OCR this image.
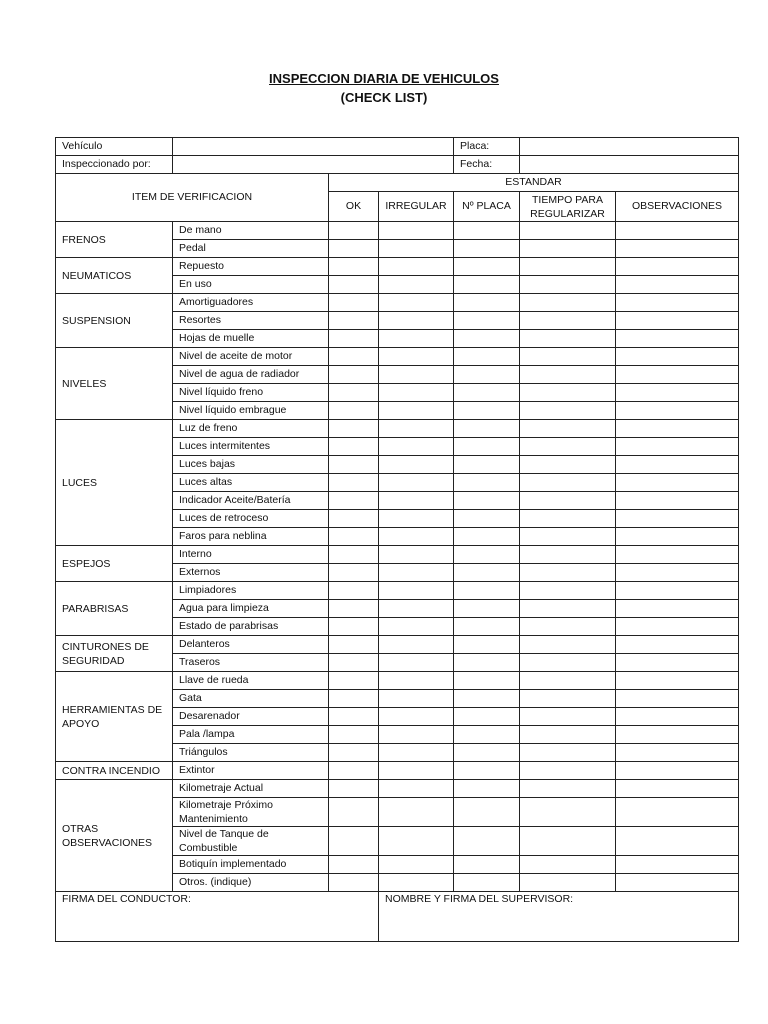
INSPECCION DIARIA DE VEHICULOS
(CHECK LIST)
Vehículo				Placa:		
Inspeccionado por:				Fecha:		
ITEM DE VERIFICACION		ESTANDAR				
		OK	IRREGULAR	Nº PLACA	TIEMPO PARA REGULARIZAR	OBSERVACIONES
FRENOS	De mano					
	Pedal					
NEUMATICOS	Repuesto					
	En uso					
SUSPENSION	Amortiguadores					
	Resortes					
	Hojas de muelle					
NIVELES	Nivel de aceite de motor					
	Nivel de agua de radiador					
	Nivel líquido freno					
	Nivel líquido embrague					
LUCES	Luz de freno					
	Luces intermitentes					
	Luces bajas					
	Luces altas					
	Indicador Aceite/Batería					
	Luces de retroceso					
	Faros para neblina					
ESPEJOS	Interno					
	Externos					
PARABRISAS	Limpiadores					
	Agua para limpieza					
	Estado de parabrisas					
CINTURONES DE SEGURIDAD	Delanteros					
	Traseros					
HERRAMIENTAS DE APOYO	Llave de rueda					
	Gata					
	Desarenador					
	Pala /lampa					
	Triángulos					
CONTRA INCENDIO	Extintor					
OTRAS OBSERVACIONES	Kilometraje Actual					
	Kilometraje Próximo Mantenimiento					
	Nivel de Tanque de Combustible					
	Botiquín implementado					
	Otros. (indique)					
FIRMA DEL CONDUCTOR:			NOMBRE Y FIRMA DEL SUPERVISOR:			
